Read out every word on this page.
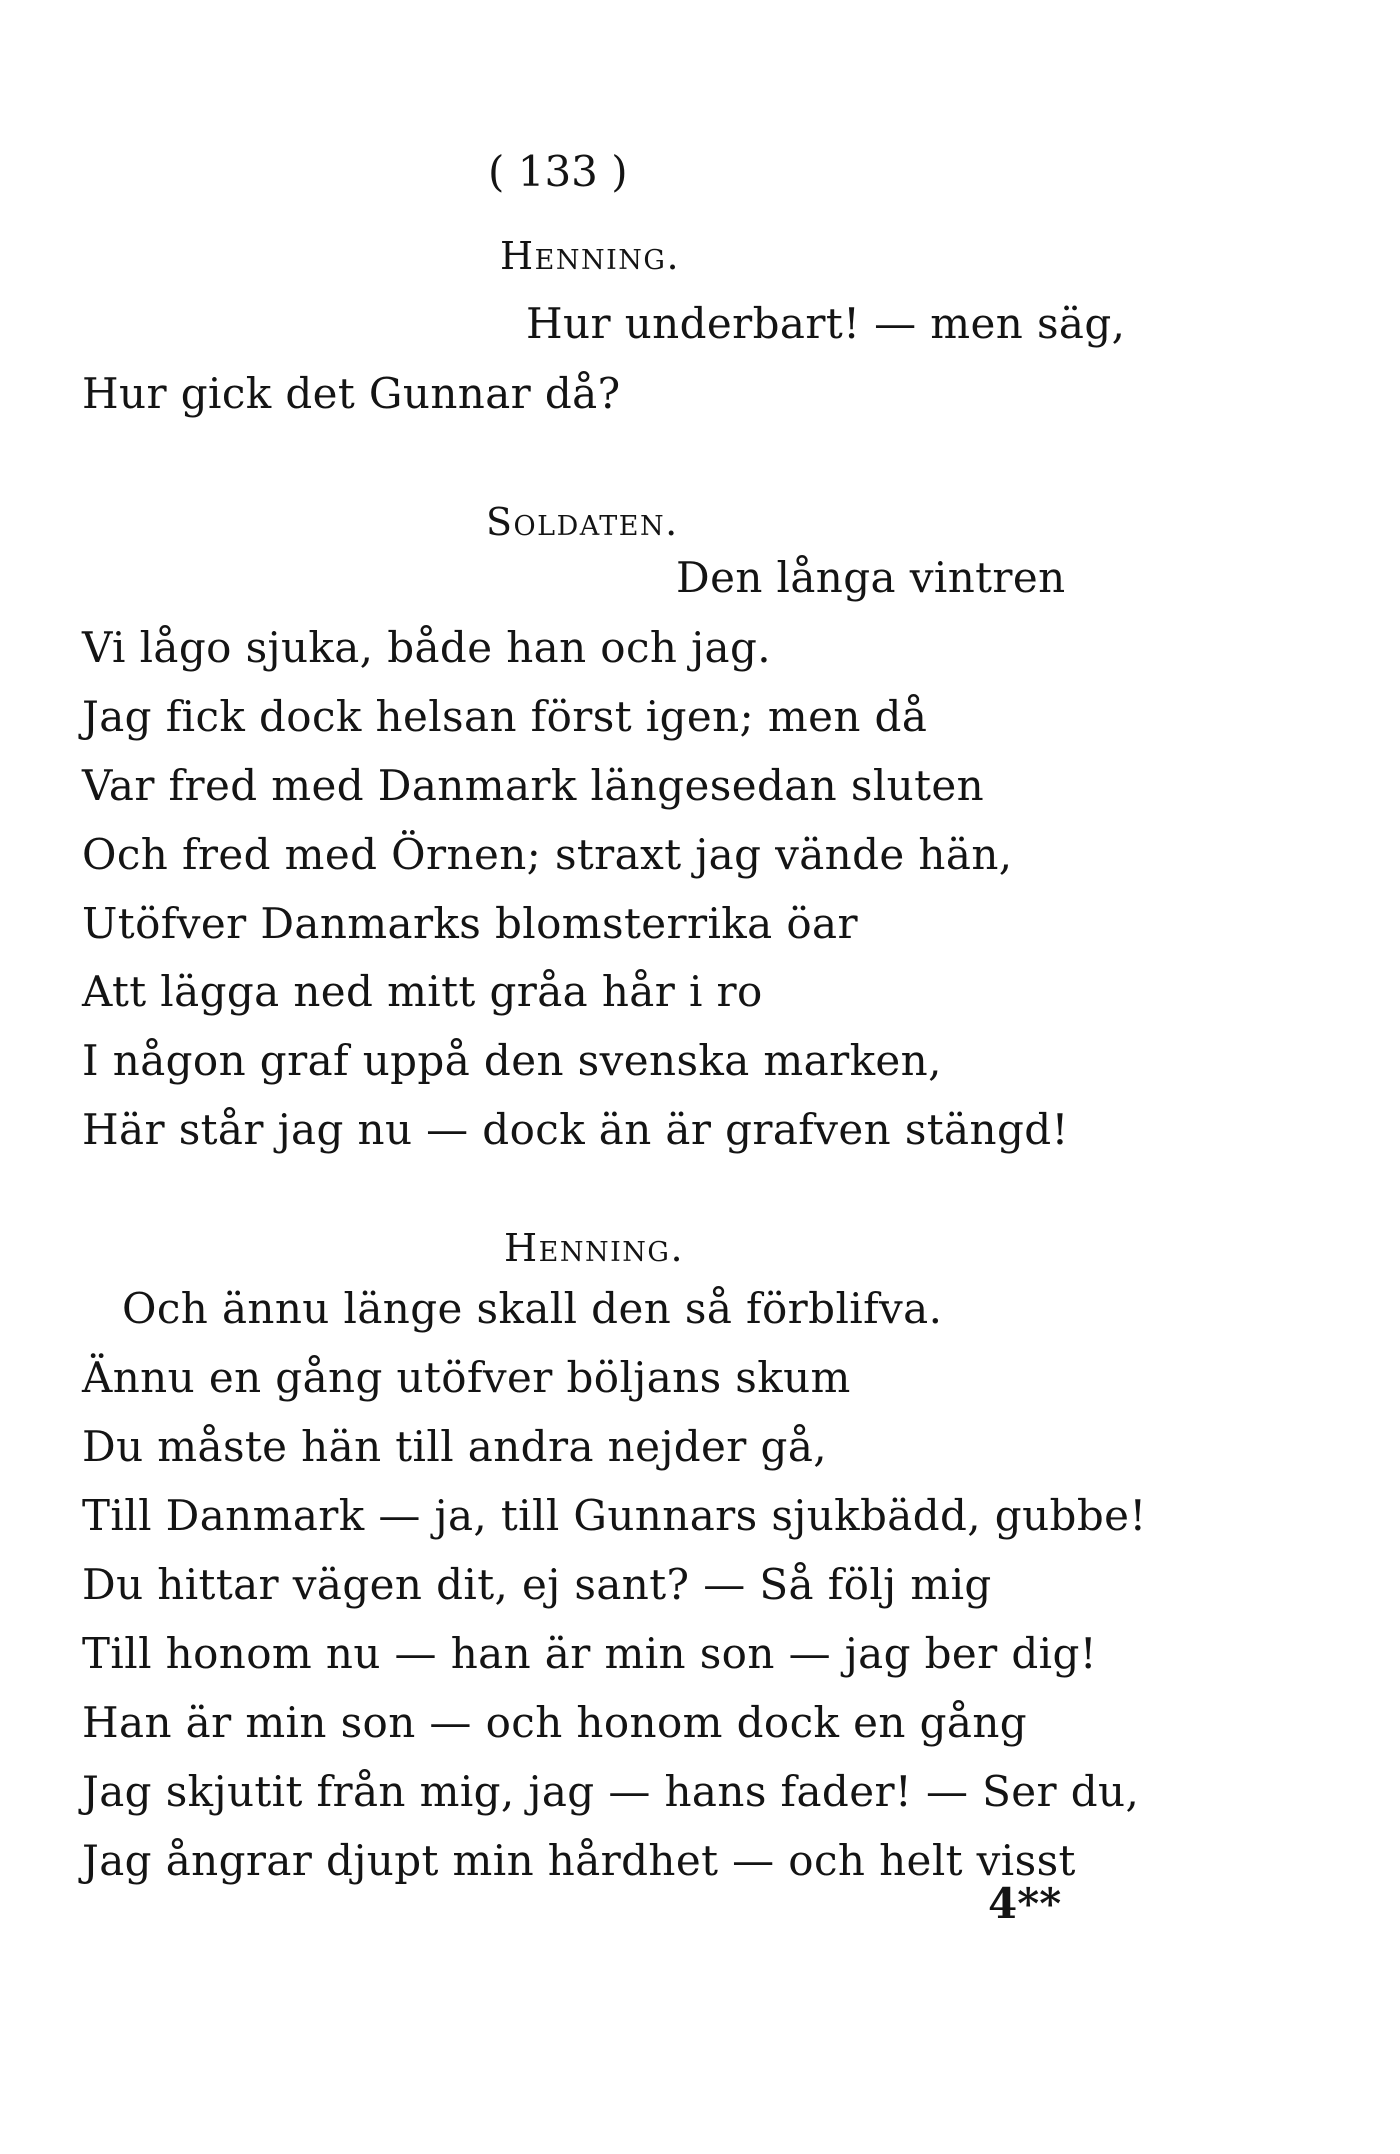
( 133 )
Henning.
Hur underbart! — men säg,
Hur gick det Gunnar då?
Soldaten.
Den långa vintren
Vi lågo sjuka, både han och jag.
Jag fick dock helsan först igen; men då
Var fred med Danmark längesedan sluten
Och fred med Örnen; straxt jag vände hän,
Utöfver Danmarks blomsterrika öar
Att lägga ned mitt gråa hår i ro
I någon graf uppå den svenska marken,
Här står jag nu — dock än är grafven stängd!
Henning.
Och ännu länge skall den så förblifva.
Ännu en gång utöfver böljans skum
Du måste hän till andra nejder gå,
Till Danmark — ja, till Gunnars sjukbädd, gubbe!
Du hittar vägen dit, ej sant? — Så följ mig
Till honom nu — han är min son — jag ber dig!
Han är min son — och honom dock en gång
Jag skjutit från mig, jag — hans fader! — Ser du,
Jag ångrar djupt min hårdhet — och helt visst
4**
